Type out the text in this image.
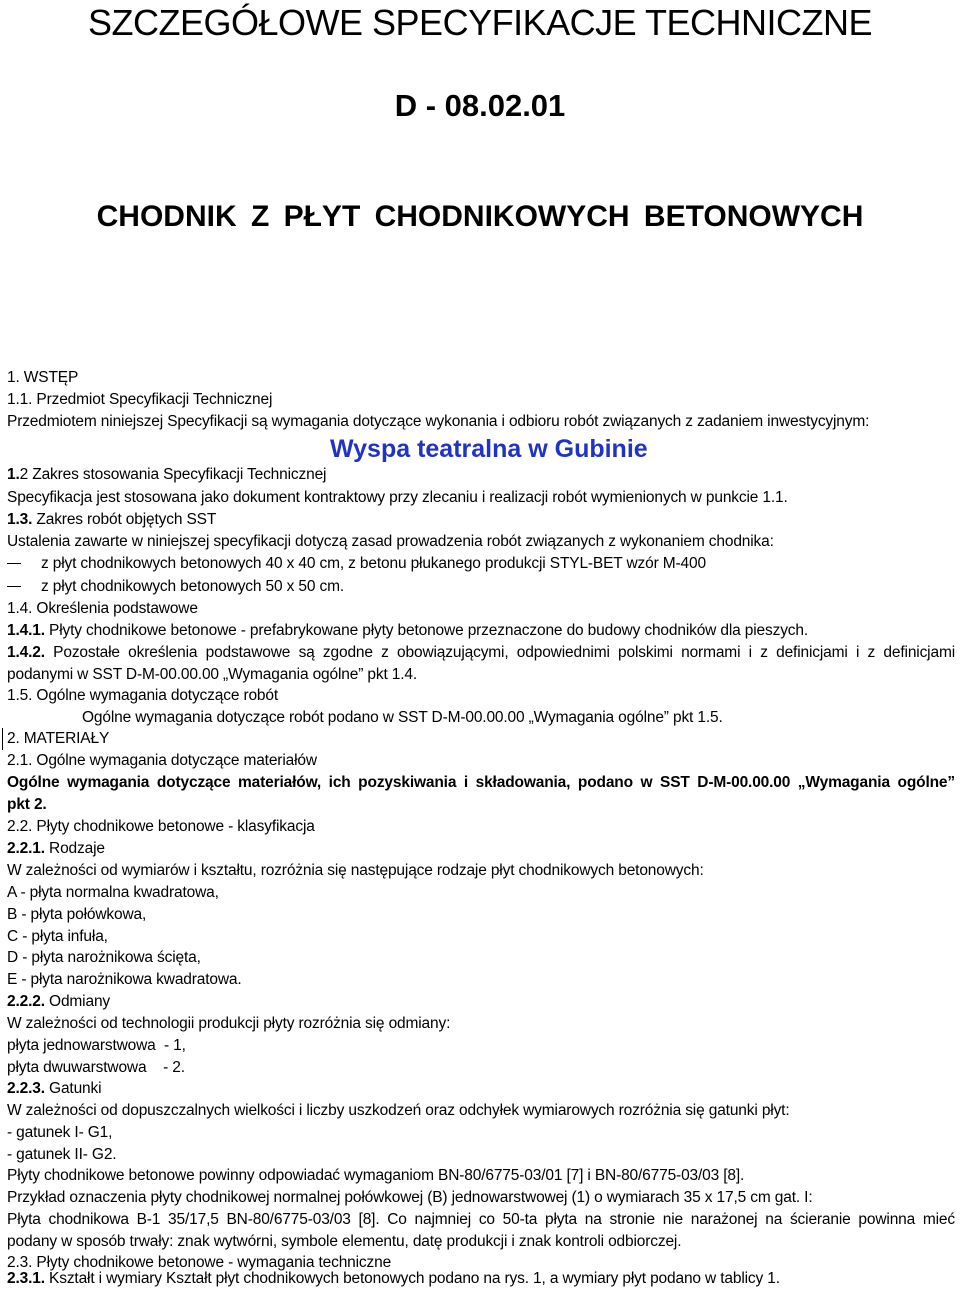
SZCZEGÓŁOWE SPECYFIKACJE TECHNICZNE
D - 08.02.01
CHODNIK Z PŁYT CHODNIKOWYCH BETONOWYCH
1. WSTĘP
1.1. Przedmiot Specyfikacji Technicznej
Przedmiotem niniejszej Specyfikacji są wymagania dotyczące wykonania i odbioru robót związanych z zadaniem inwestycyjnym:
Wyspa teatralna w Gubinie
1.2 Zakres stosowania Specyfikacji Technicznej
Specyfikacja jest stosowana jako dokument kontraktowy przy zlecaniu i realizacji robót wymienionych w punkcie 1.1.
1.3. Zakres robót objętych SST
Ustalenia zawarte w niniejszej specyfikacji dotyczą zasad prowadzenia robót związanych z wykonaniem chodnika:
z płyt chodnikowych betonowych 40 x 40 cm, z betonu płukanego produkcji STYL-BET wzór M-400
z płyt chodnikowych betonowych 50 x 50 cm.
1.4. Określenia podstawowe
1.4.1. Płyty chodnikowe betonowe - prefabrykowane płyty betonowe przeznaczone do budowy chodników dla pieszych.
1.4.2. Pozostałe określenia podstawowe są zgodne z obowiązującymi, odpowiednimi polskimi normami i z definicjami i z definicjami
podanymi w SST D-M-00.00.00 „Wymagania ogólne” pkt 1.4.
1.5. Ogólne wymagania dotyczące robót
Ogólne wymagania dotyczące robót podano w SST D-M-00.00.00 „Wymagania ogólne” pkt 1.5.
2. MATERIAŁY
2.1. Ogólne wymagania dotyczące materiałów
Ogólne wymagania dotyczące materiałów, ich pozyskiwania i składowania, podano w SST D-M-00.00.00 „Wymagania ogólne”
pkt 2.
2.2. Płyty chodnikowe betonowe - klasyfikacja
2.2.1. Rodzaje
W zależności od wymiarów i kształtu, rozróżnia się następujące rodzaje płyt chodnikowych betonowych:
A - płyta normalna kwadratowa,
B - płyta połówkowa,
C - płyta infuła,
D - płyta narożnikowa ścięta,
E - płyta narożnikowa kwadratowa.
2.2.2. Odmiany
W zależności od technologii produkcji płyty rozróżnia się odmiany:
płyta jednowarstwowa  - 1,
płyta dwuwarstwowa    - 2.
2.2.3. Gatunki
W zależności od dopuszczalnych wielkości i liczby uszkodzeń oraz odchyłek wymiarowych rozróżnia się gatunki płyt:
- gatunek I- G1,
- gatunek II- G2.
Płyty chodnikowe betonowe powinny odpowiadać wymaganiom BN-80/6775-03/01 [7] i BN-80/6775-03/03 [8].
Przykład oznaczenia płyty chodnikowej normalnej połówkowej (B) jednowarstwowej (1) o wymiarach 35 x 17,5 cm gat. I:
Płyta chodnikowa B-1 35/17,5 BN-80/6775-03/03 [8]. Co najmniej co 50-ta płyta na stronie nie narażonej na ścieranie powinna mieć
podany w sposób trwały: znak wytwórni, symbole elementu, datę produkcji i znak kontroli odbiorczej.
2.3. Płyty chodnikowe betonowe - wymagania techniczne
2.3.1. Kształt i wymiary Kształt płyt chodnikowych betonowych podano na rys. 1, a wymiary płyt podano w tablicy 1.
